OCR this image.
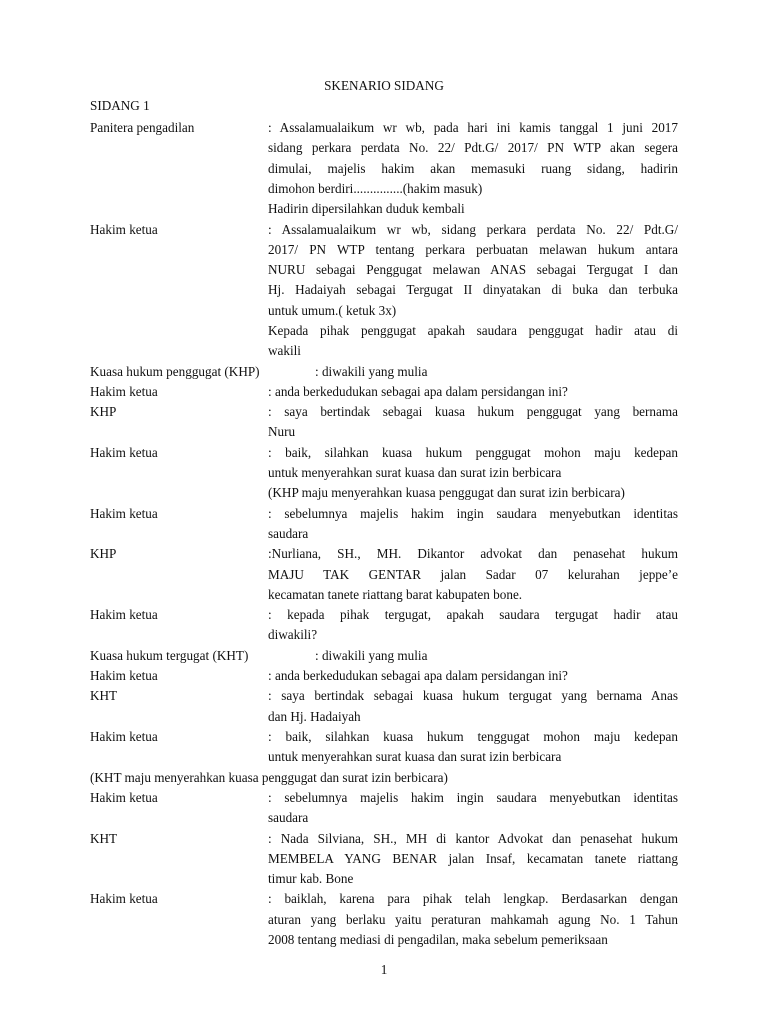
SKENARIO SIDANG
SIDANG 1
Panitera pengadilan	: Assalamualaikum wr wb, pada hari ini kamis tanggal 1 juni 2017
sidang perkara perdata No. 22/ Pdt.G/ 2017/ PN WTP akan segera
dimulai, majelis hakim akan memasuki ruang sidang, hadirin
dimohon berdiri...............(hakim masuk)
Hadirin dipersilahkan duduk kembali
Hakim ketua	: Assalamualaikum wr wb, sidang perkara perdata No. 22/ Pdt.G/
2017/ PN WTP tentang perkara perbuatan melawan hukum antara
NURU sebagai Penggugat melawan ANAS sebagai Tergugat I dan
Hj. Hadaiyah sebagai Tergugat II dinyatakan di buka dan terbuka
untuk umum.( ketuk 3x)
Kepada pihak penggugat apakah saudara penggugat hadir atau di
wakili
Kuasa hukum penggugat (KHP)	: diwakili yang mulia
Hakim ketua	: anda berkedudukan sebagai apa dalam persidangan ini?
KHP	: saya bertindak sebagai kuasa hukum penggugat yang bernama
Nuru
Hakim ketua	: baik, silahkan kuasa hukum penggugat mohon maju kedepan
untuk menyerahkan surat kuasa dan surat izin berbicara
(KHP maju menyerahkan kuasa penggugat dan surat izin berbicara)
Hakim ketua	: sebelumnya majelis hakim ingin saudara menyebutkan identitas
saudara
KHP	:Nurliana, SH., MH. Dikantor advokat dan penasehat hukum
MAJU TAK GENTAR jalan Sadar 07 kelurahan jeppe’e
kecamatan tanete riattang barat kabupaten bone.
Hakim ketua	: kepada pihak tergugat, apakah saudara tergugat hadir atau
diwakili?
Kuasa hukum tergugat (KHT)	: diwakili yang mulia
Hakim ketua	: anda berkedudukan sebagai apa dalam persidangan ini?
KHT	: saya bertindak sebagai kuasa hukum tergugat yang bernama Anas
dan Hj. Hadaiyah
Hakim ketua	: baik, silahkan kuasa hukum tenggugat mohon maju kedepan
untuk menyerahkan surat kuasa dan surat izin berbicara
(KHT maju menyerahkan kuasa penggugat dan surat izin berbicara)
Hakim ketua	: sebelumnya majelis hakim ingin saudara menyebutkan identitas
saudara
KHT	: Nada Silviana, SH., MH di kantor Advokat dan penasehat hukum
MEMBELA YANG BENAR jalan Insaf, kecamatan tanete riattang
timur kab. Bone
Hakim ketua	: baiklah, karena para pihak telah lengkap. Berdasarkan dengan
aturan yang berlaku yaitu peraturan mahkamah agung No. 1 Tahun
2008 tentang mediasi di pengadilan, maka sebelum pemeriksaan
1
